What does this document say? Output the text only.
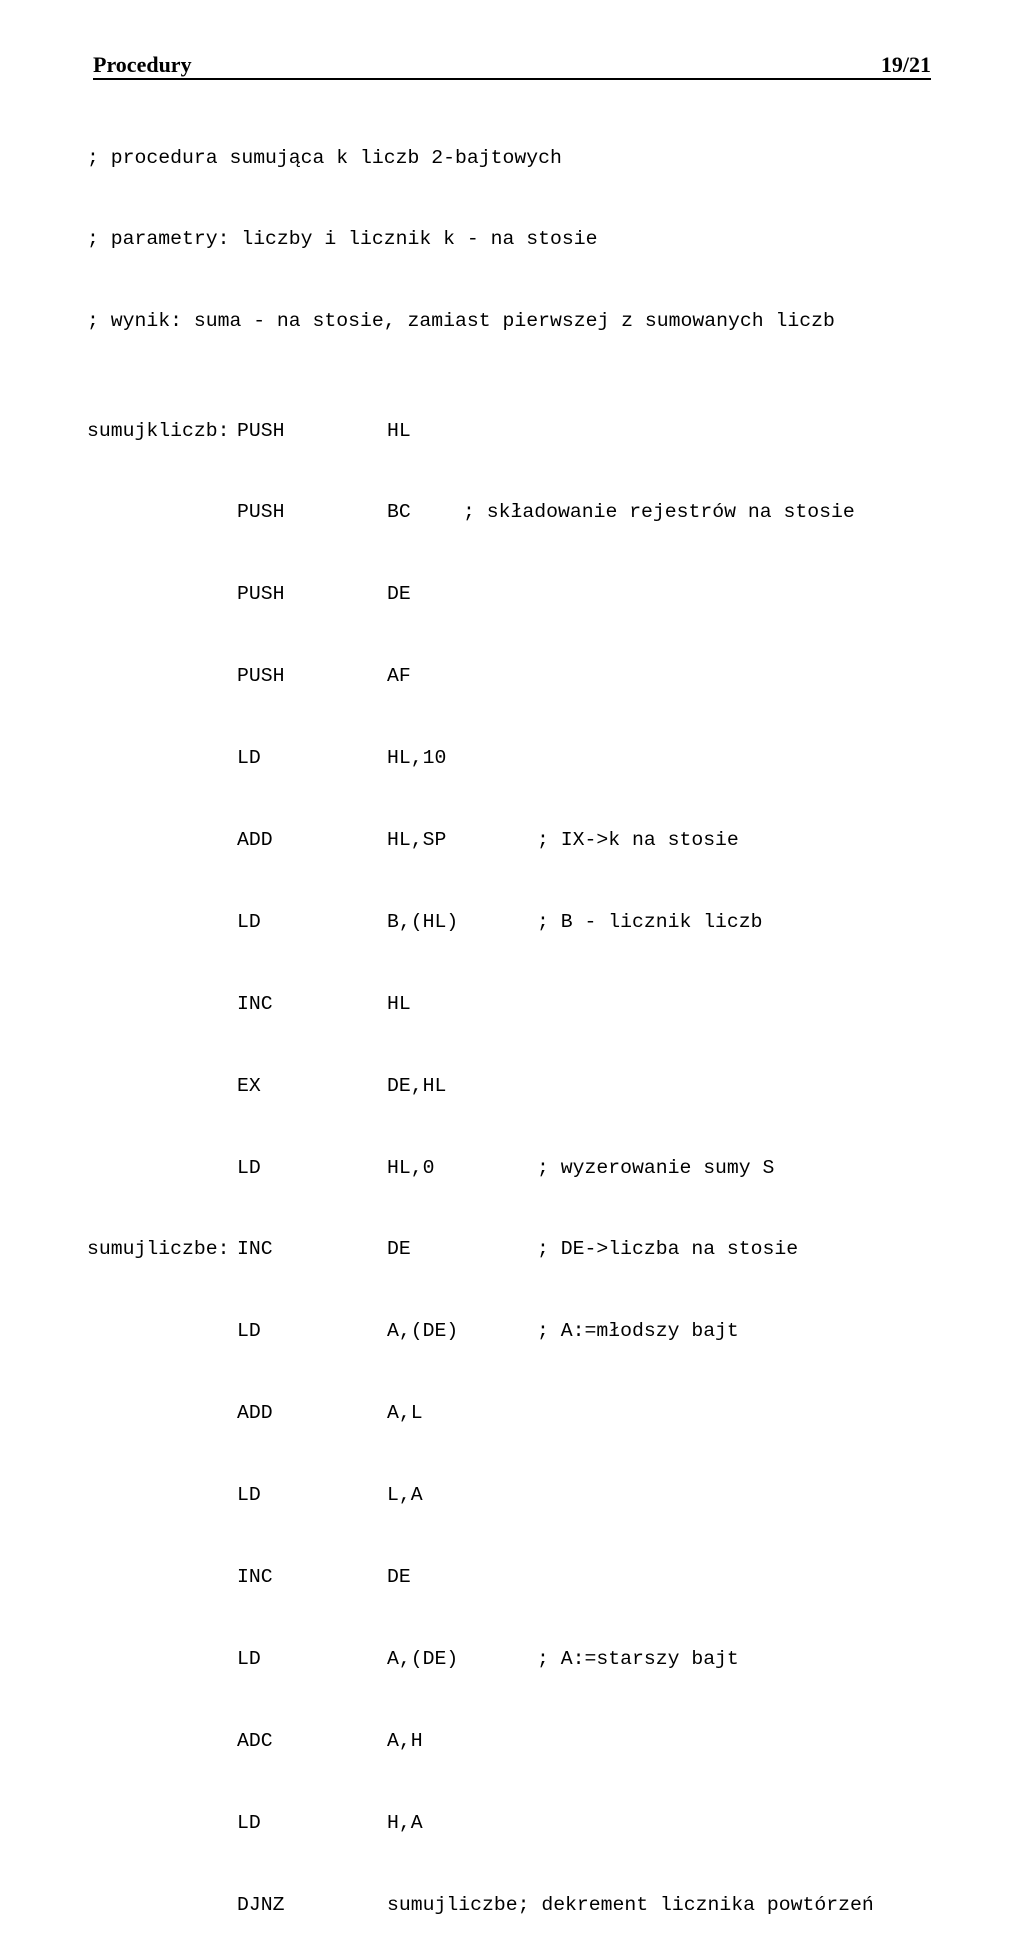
Procedury	19/21

; procedura sumująca k liczb 2-bajtowych

; parametry: liczby i licznik k - na stosie

; wynik: suma - na stosie, zamiast pierwszej z sumowanych liczb

sumujkliczb: PUSH	HL

PUSH	BC	; składowanie rejestrów na stosie

PUSH	DE

PUSH	AF

LD	HL,10

ADD	HL,SP	; IX->k na stosie

LD	B,(HL)	; B - licznik liczb

INC	HL

EX	DE,HL

LD	HL,0	; wyzerowanie sumy S

sumujliczbe: INC	DE	; DE->liczba na stosie

LD	A,(DE)	; A:=młodszy bajt

ADD	A,L

LD	L,A

INC	DE

LD	A,(DE)	; A:=starszy bajt

ADC	A,H

LD	H,A

DJNZ	sumujliczbe; dekrement licznika powtórzeń
